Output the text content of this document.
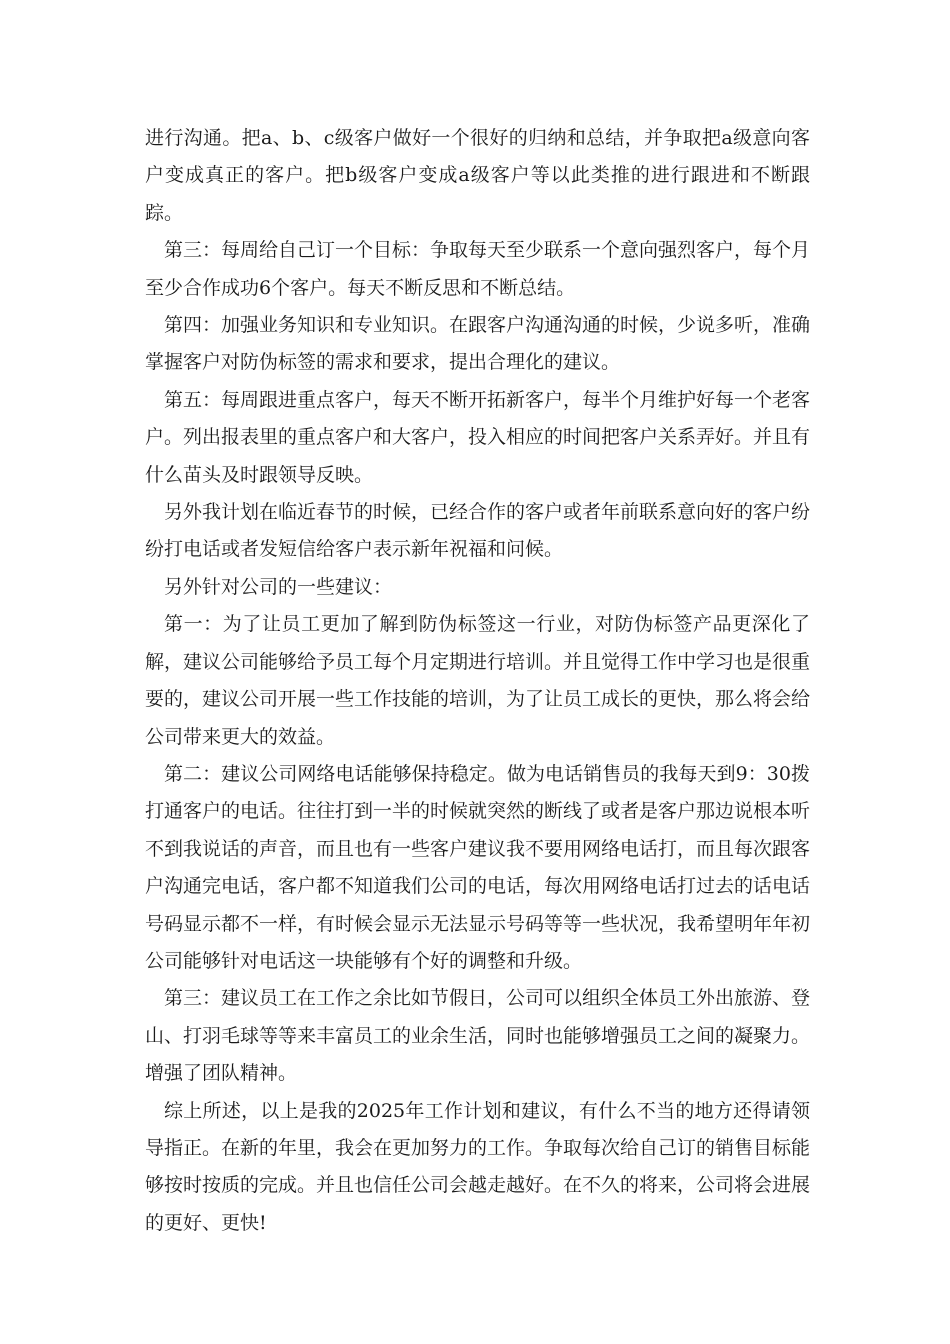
进行沟通。把a、b、c级客户做好一个很好的归纳和总结，并争取把a级意向客户变成真正的客户。把b级客户变成a级客户等以此类推的进行跟进和不断跟踪。

第三：每周给自己订一个目标：争取每天至少联系一个意向强烈客户，每个月至少合作成功6个客户。每天不断反思和不断总结。

第四：加强业务知识和专业知识。在跟客户沟通沟通的时候，少说多听，准确掌握客户对防伪标签的需求和要求，提出合理化的建议。

第五：每周跟进重点客户，每天不断开拓新客户，每半个月维护好每一个老客户。列出报表里的重点客户和大客户，投入相应的时间把客户关系弄好。并且有什么苗头及时跟领导反映。

另外我计划在临近春节的时候，已经合作的客户或者年前联系意向好的客户纷纷打电话或者发短信给客户表示新年祝福和问候。

另外针对公司的一些建议：

第一：为了让员工更加了解到防伪标签这一行业，对防伪标签产品更深化了解，建议公司能够给予员工每个月定期进行培训。并且觉得工作中学习也是很重要的，建议公司开展一些工作技能的培训，为了让员工成长的更快，那么将会给公司带来更大的效益。

第二：建议公司网络电话能够保持稳定。做为电话销售员的我每天到9：30拨打通客户的电话。往往打到一半的时候就突然的断线了或者是客户那边说根本听不到我说话的声音，而且也有一些客户建议我不要用网络电话打，而且每次跟客户沟通完电话，客户都不知道我们公司的电话，每次用网络电话打过去的话电话号码显示都不一样，有时候会显示无法显示号码等等一些状况，我希望明年年初公司能够针对电话这一块能够有个好的调整和升级。

第三：建议员工在工作之余比如节假日，公司可以组织全体员工外出旅游、登山、打羽毛球等等来丰富员工的业余生活，同时也能够增强员工之间的凝聚力。增强了团队精神。

综上所述，以上是我的2025年工作计划和建议，有什么不当的地方还得请领导指正。在新的年里，我会在更加努力的工作。争取每次给自己订的销售目标能够按时按质的完成。并且也信任公司会越走越好。在不久的将来，公司将会进展的更好、更快!
